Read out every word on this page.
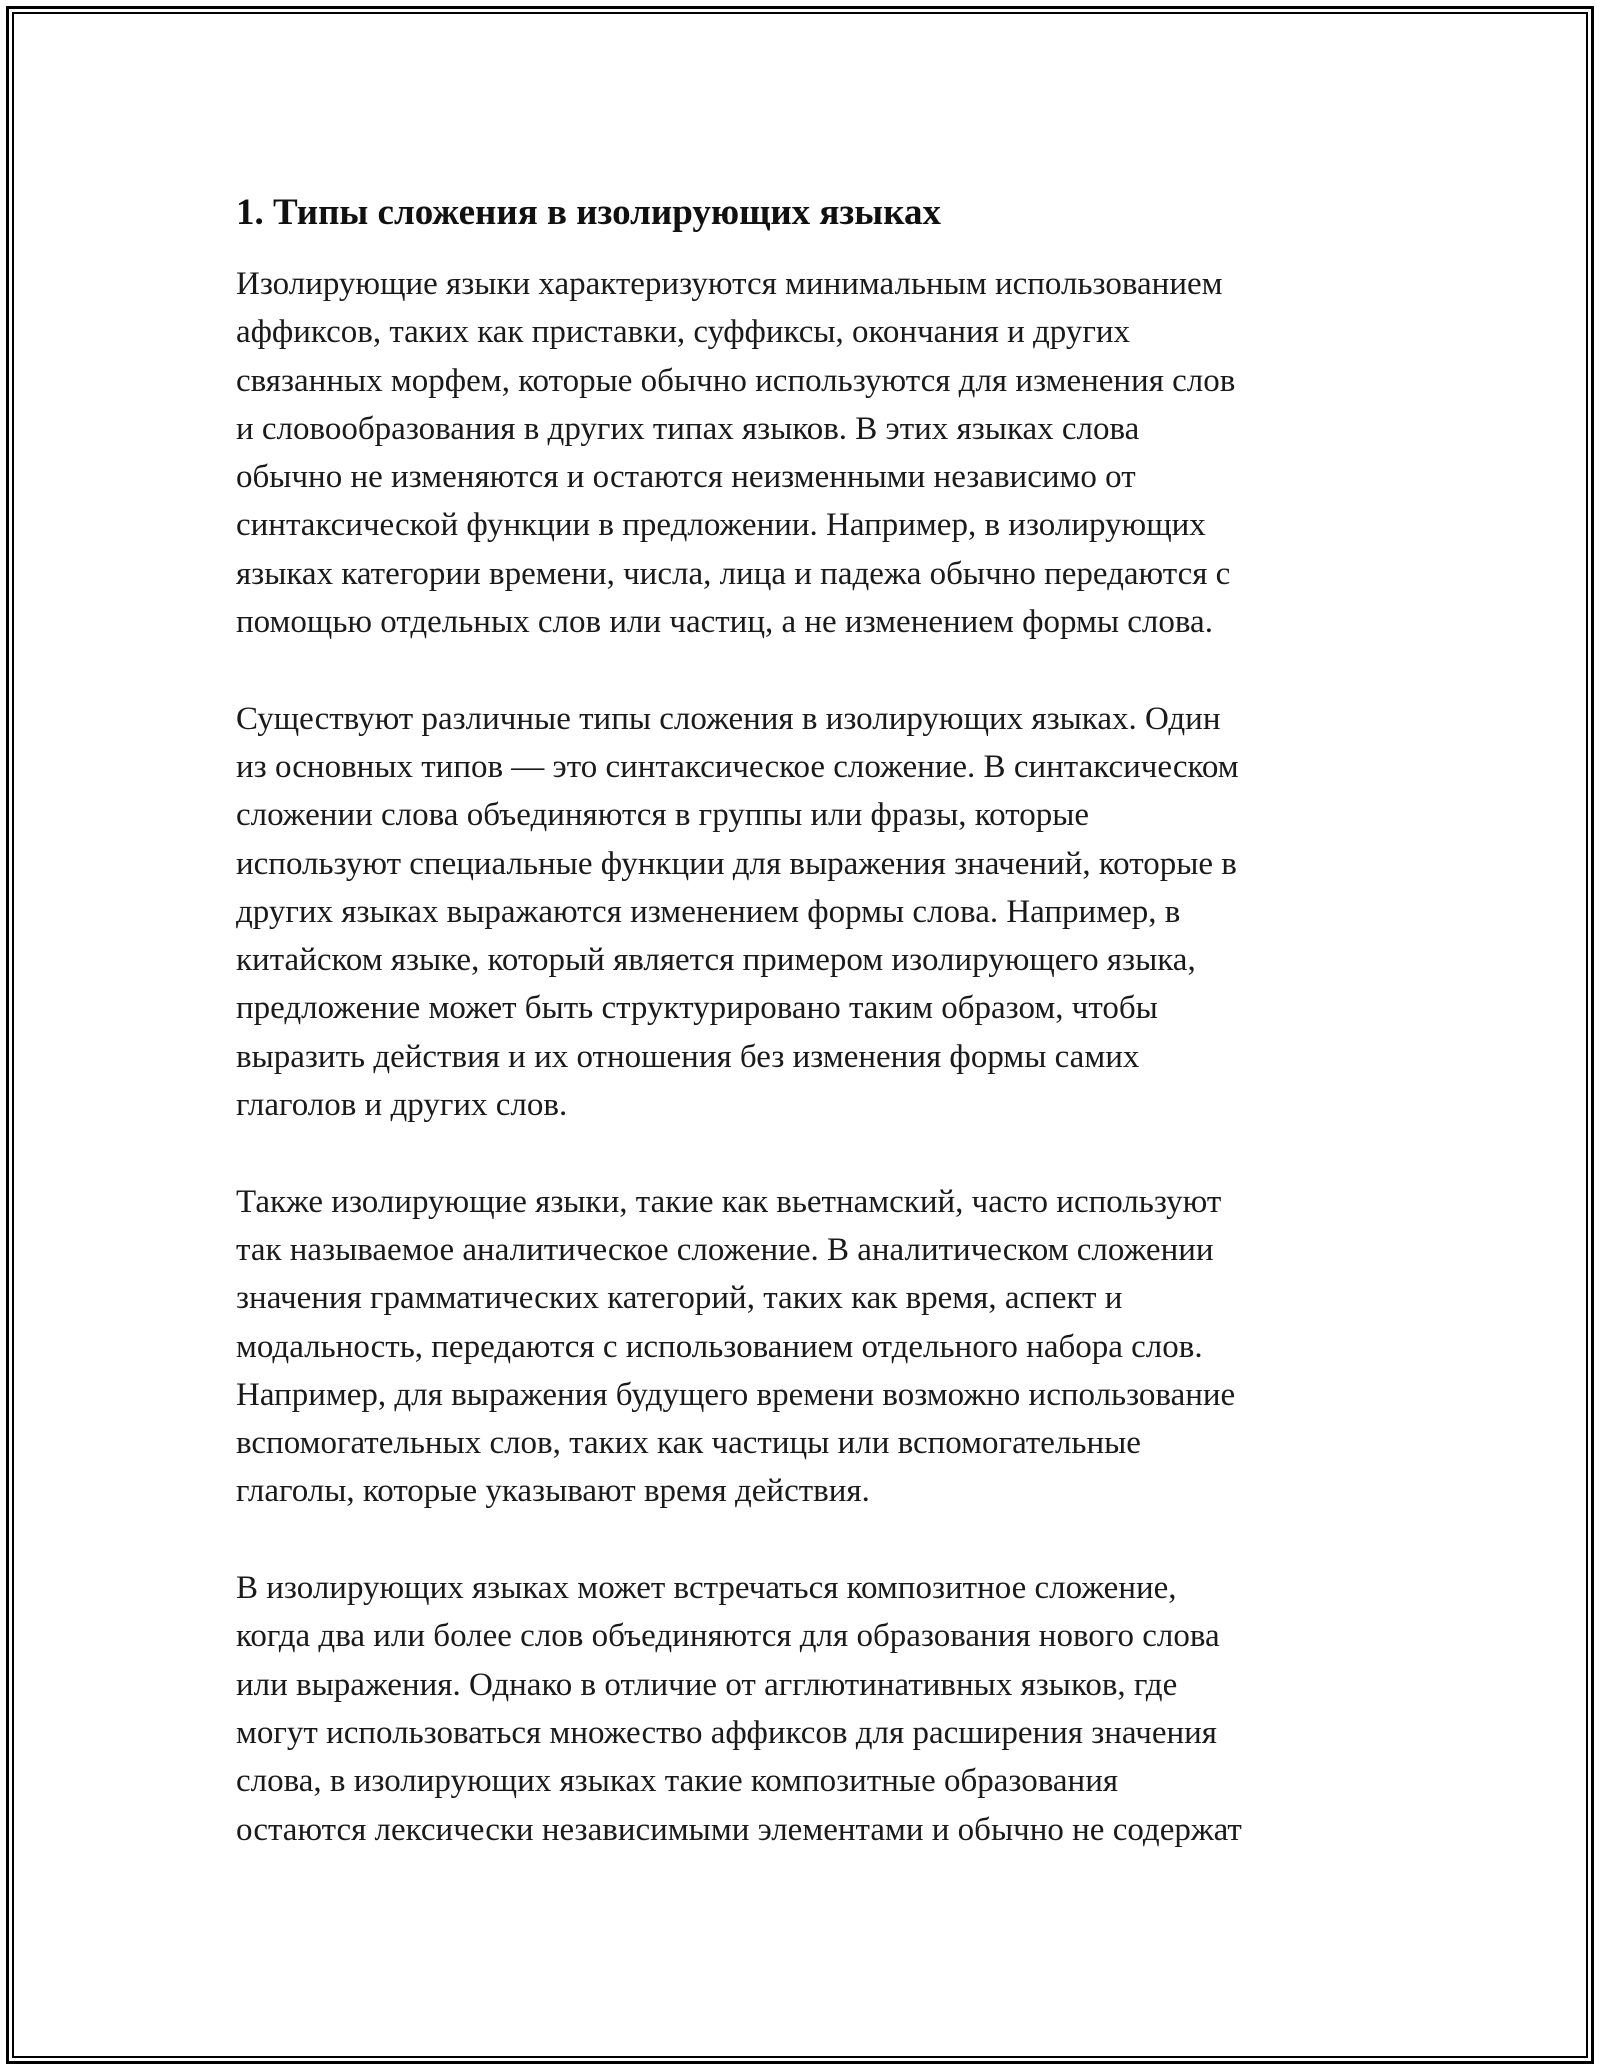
1. Типы сложения в изолирующих языках

Изолирующие языки характеризуются минимальным использованием
аффиксов, таких как приставки, суффиксы, окончания и других
связанных морфем, которые обычно используются для изменения слов
и словообразования в других типах языков. В этих языках слова
обычно не изменяются и остаются неизменными независимо от
синтаксической функции в предложении. Например, в изолирующих
языках категории времени, числа, лица и падежа обычно передаются с
помощью отдельных слов или частиц, а не изменением формы слова.

Существуют различные типы сложения в изолирующих языках. Один
из основных типов — это синтаксическое сложение. В синтаксическом
сложении слова объединяются в группы или фразы, которые
используют специальные функции для выражения значений, которые в
других языках выражаются изменением формы слова. Например, в
китайском языке, который является примером изолирующего языка,
предложение может быть структурировано таким образом, чтобы
выразить действия и их отношения без изменения формы самих
глаголов и других слов.

Также изолирующие языки, такие как вьетнамский, часто используют
так называемое аналитическое сложение. В аналитическом сложении
значения грамматических категорий, таких как время, аспект и
модальность, передаются с использованием отдельного набора слов.
Например, для выражения будущего времени возможно использование
вспомогательных слов, таких как частицы или вспомогательные
глаголы, которые указывают время действия.

В изолирующих языках может встречаться композитное сложение,
когда два или более слов объединяются для образования нового слова
или выражения. Однако в отличие от агглютинативных языков, где
могут использоваться множество аффиксов для расширения значения
слова, в изолирующих языках такие композитные образования
остаются лексически независимыми элементами и обычно не содержат
